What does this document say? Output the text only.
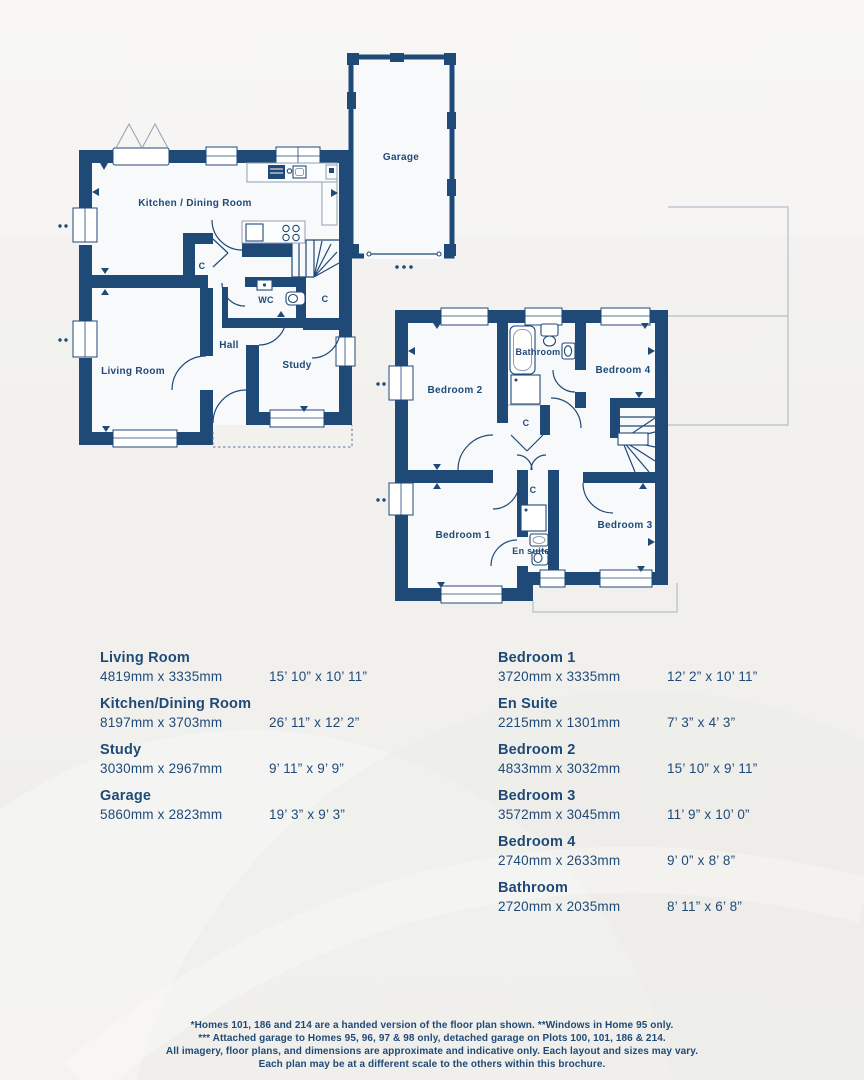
Kitchen / Dining Room
Garage
C
WC	C
Hall
Living Room
Study
Bedroom 2
Bathroom
Bedroom 4
C
C
Bedroom 1
En suite
Bedroom 3
Living Room
4819mm x 3335mm	15’ 10” x 10’ 11”
Kitchen/Dining Room
8197mm x 3703mm	26’ 11” x 12’ 2”
Study
3030mm x 2967mm	9’ 11” x 9’ 9”
Garage
5860mm x 2823mm	19’ 3” x 9’ 3”
Bedroom 1
3720mm x 3335mm	12’ 2” x 10’ 11”
En Suite
2215mm x 1301mm	7’ 3” x 4’ 3”
Bedroom 2
4833mm x 3032mm	15’ 10” x 9’ 11”
Bedroom 3
3572mm x 3045mm	11’ 9” x 10’ 0”
Bedroom 4
2740mm x 2633mm	9’ 0” x 8’ 8”
Bathroom
2720mm x 2035mm	8’ 11” x 6’ 8”
*Homes 101, 186 and 214 are a handed version of the floor plan shown. **Windows in Home 95 only.
*** Attached garage to Homes 95, 96, 97 & 98 only, detached garage on Plots 100, 101, 186 & 214.
All imagery, floor plans, and dimensions are approximate and indicative only. Each layout and sizes may vary.
Each plan may be at a different scale to the others within this brochure.
